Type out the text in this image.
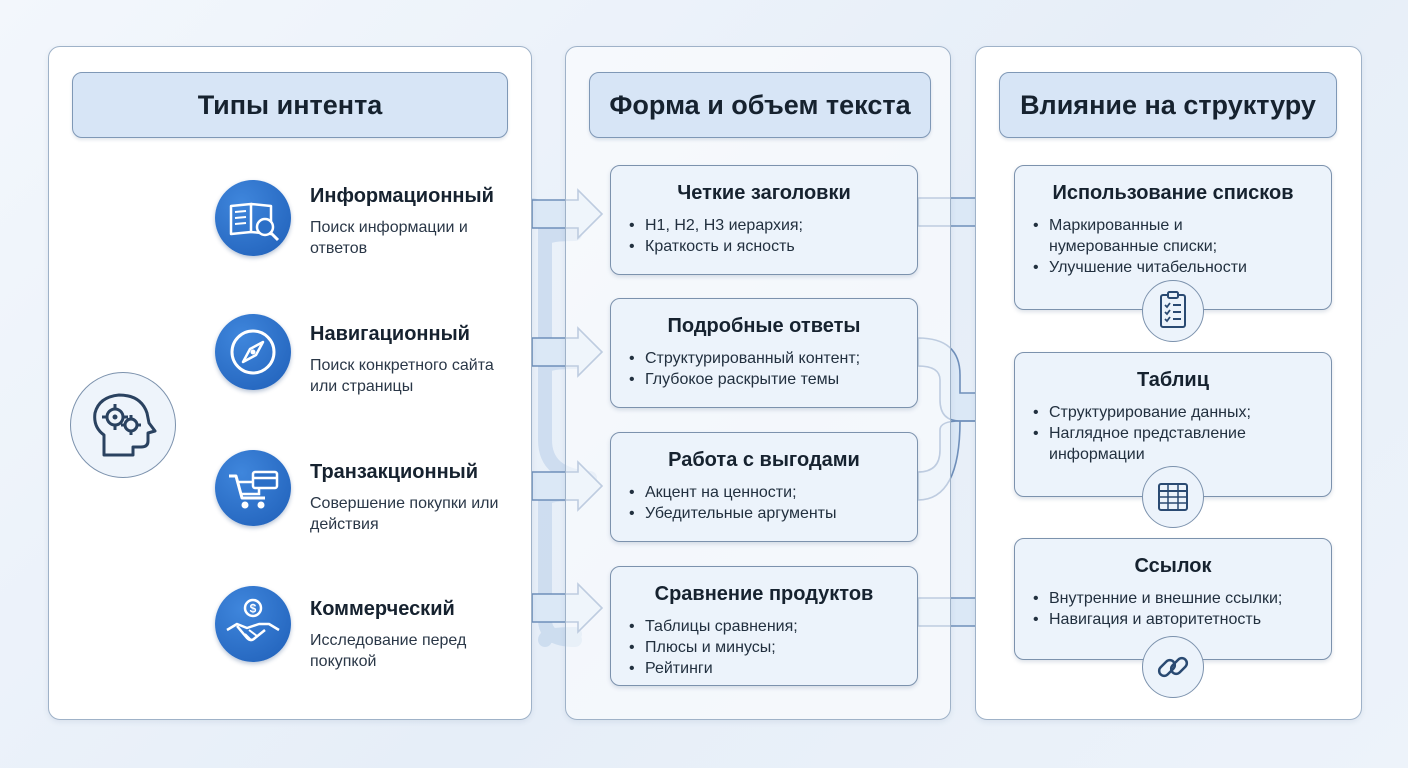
Типы интента
$
Информационный
Поиск информации и ответов
Навигационный
Поиск конкретного сайта или страницы
Транзакционный
Совершение покупки или действия
Коммерческий
Исследование перед покупкой
Форма и объем текста
Четкие заголовки
• H1, H2, H3 иерархия;
• Краткость и ясность
Подробные ответы
• Структурированный контент;
• Глубокое раскрытие темы
Работа с выгодами
• Акцент на ценности;
• Убедительные аргументы
Сравнение продуктов
• Таблицы сравнения;
• Плюсы и минусы;
• Рейтинги
Влияние на структуру
Использование списков
• Маркированные и нумерованные списки;
• Улучшение читабельности
Таблиц
• Структурирование данных;
• Наглядное представление информации
Ссылок
• Внутренние и внешние ссылки;
• Навигация и авторитетность
